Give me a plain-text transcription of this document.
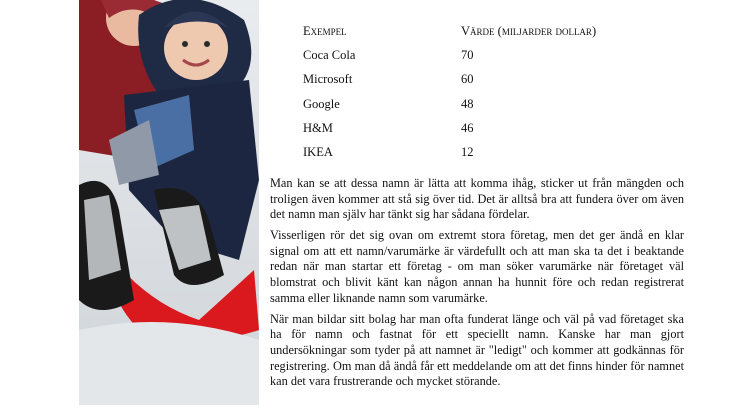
Exempel	Värde (miljarder dollar)
Coca Cola	70
Microsoft	60
Google	48
H&M	46
IKEA	12

Man kan se att dessa namn är lätta att komma ihåg, sticker ut från mängden och troligen även kommer att stå sig över tid. Det är alltså bra att fundera över om även det namn man själv har tänkt sig har sådana fördelar.

Visserligen rör det sig ovan om extremt stora företag, men det ger ändå en klar signal om att ett namn/varumärke är värdefullt och att man ska ta det i beaktande redan när man startar ett företag - om man söker varumärke när företaget väl blomstrat och blivit känt kan någon annan ha hunnit före och redan registrerat samma eller liknande namn som varumärke.

När man bildar sitt bolag har man ofta funderat länge och väl på vad företaget ska ha för namn och fastnat för ett speciellt namn. Kanske har man gjort undersökningar som tyder på att namnet är "ledigt" och kommer att godkännas för registrering. Om man då ändå får ett meddelande om att det finns hinder för namnet kan det vara frustrerande och mycket störande.
